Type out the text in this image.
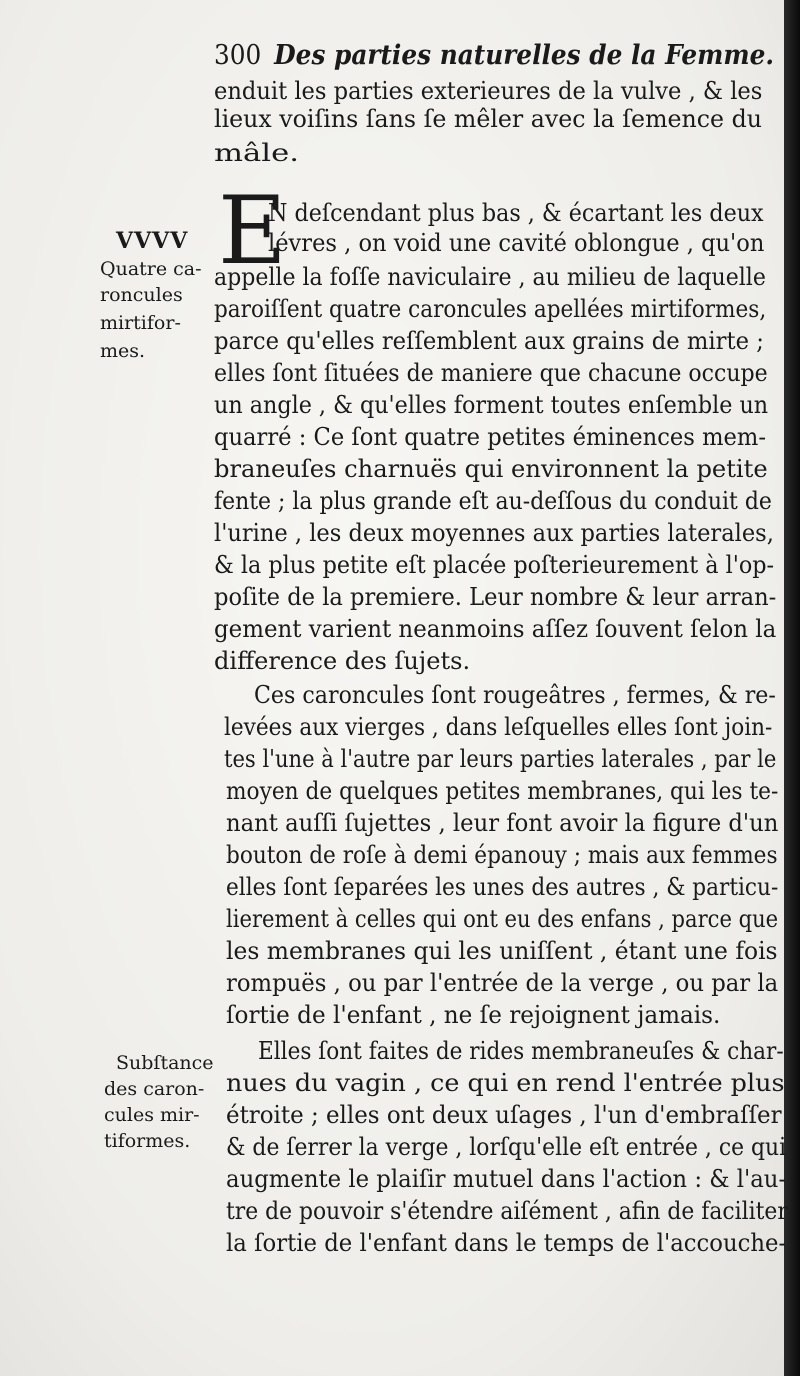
300 Des parties naturelles de la Femme.
VVVV
Quatre ca-
roncules
mirtifor-
mes.
Subſtance
des caron-
cules mir-
tiformes.
E
enduit les parties exterieures de la vulve , & les
lieux voiſins ſans ſe mêler avec la ſemence du
mâle.
N deſcendant plus bas , & écartant les deux
lévres , on void une cavité oblongue , qu'on
appelle la foſſe naviculaire , au milieu de laquelle
paroiſſent quatre caroncules apellées mirtiformes,
parce qu'elles reſſemblent aux grains de mirte ;
elles ſont ſituées de maniere que chacune occupe
un angle , & qu'elles forment toutes enſemble un
quarré : Ce ſont quatre petites éminences mem-
braneuſes charnuës qui environnent la petite
fente ; la plus grande eſt au-deſſous du conduit de
l'urine , les deux moyennes aux parties laterales,
& la plus petite eſt placée poſterieurement à l'op-
poſite de la premiere. Leur nombre & leur arran-
gement varient neanmoins aſſez ſouvent ſelon la
difference des ſujets.
Ces caroncules ſont rougeâtres , fermes, & re-
levées aux vierges , dans leſquelles elles ſont join-
tes l'une à l'autre par leurs parties laterales , par le
moyen de quelques petites membranes, qui les te-
nant auſſi ſujettes , leur font avoir la figure d'un
bouton de roſe à demi épanouy ; mais aux femmes
elles ſont ſeparées les unes des autres , & particu-
lierement à celles qui ont eu des enfans , parce que
les membranes qui les uniſſent , étant une fois
rompuës , ou par l'entrée de la verge , ou par la
ſortie de l'enfant , ne ſe rejoignent jamais.
Elles ſont faites de rides membraneuſes & char-
nues du vagin , ce qui en rend l'entrée plus
étroite ; elles ont deux uſages , l'un d'embraſſer
& de ſerrer la verge , lorſqu'elle eſt entrée , ce qui
augmente le plaiſir mutuel dans l'action : & l'au-
tre de pouvoir s'étendre aiſément , afin de faciliter
la ſortie de l'enfant dans le temps de l'accouche-
